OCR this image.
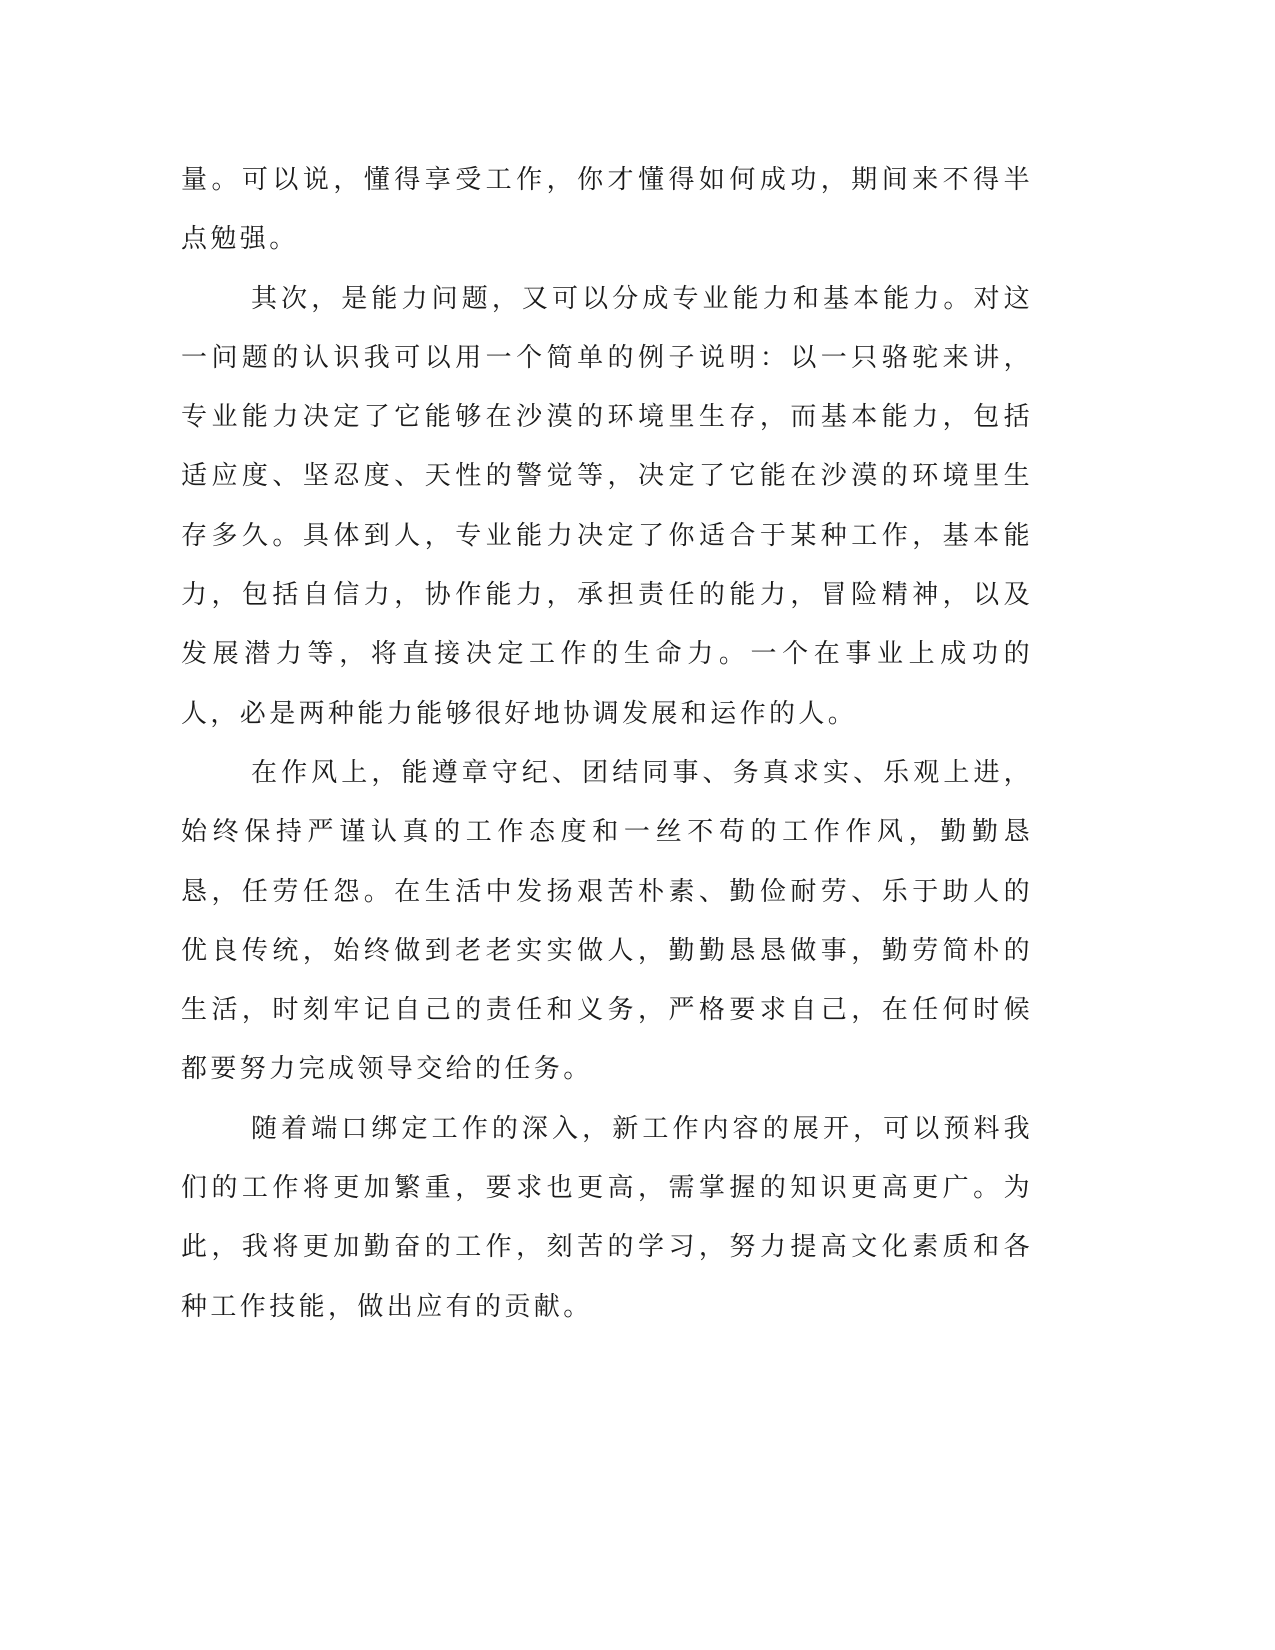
量。可以说，懂得享受工作，你才懂得如何成功，期间来不得半点勉强。

其次，是能力问题，又可以分成专业能力和基本能力。对这一问题的认识我可以用一个简单的例子说明：以一只骆驼来讲，专业能力决定了它能够在沙漠的环境里生存，而基本能力，包括适应度、坚忍度、天性的警觉等，决定了它能在沙漠的环境里生存多久。具体到人，专业能力决定了你适合于某种工作，基本能力，包括自信力，协作能力，承担责任的能力，冒险精神，以及发展潜力等，将直接决定工作的生命力。一个在事业上成功的人，必是两种能力能够很好地协调发展和运作的人。

在作风上，能遵章守纪、团结同事、务真求实、乐观上进，始终保持严谨认真的工作态度和一丝不苟的工作作风，勤勤恳恳，任劳任怨。在生活中发扬艰苦朴素、勤俭耐劳、乐于助人的优良传统，始终做到老老实实做人，勤勤恳恳做事，勤劳简朴的生活，时刻牢记自己的责任和义务，严格要求自己，在任何时候都要努力完成领导交给的任务。

随着端口绑定工作的深入，新工作内容的展开，可以预料我们的工作将更加繁重，要求也更高，需掌握的知识更高更广。为此，我将更加勤奋的工作，刻苦的学习，努力提高文化素质和各种工作技能，做出应有的贡献。
